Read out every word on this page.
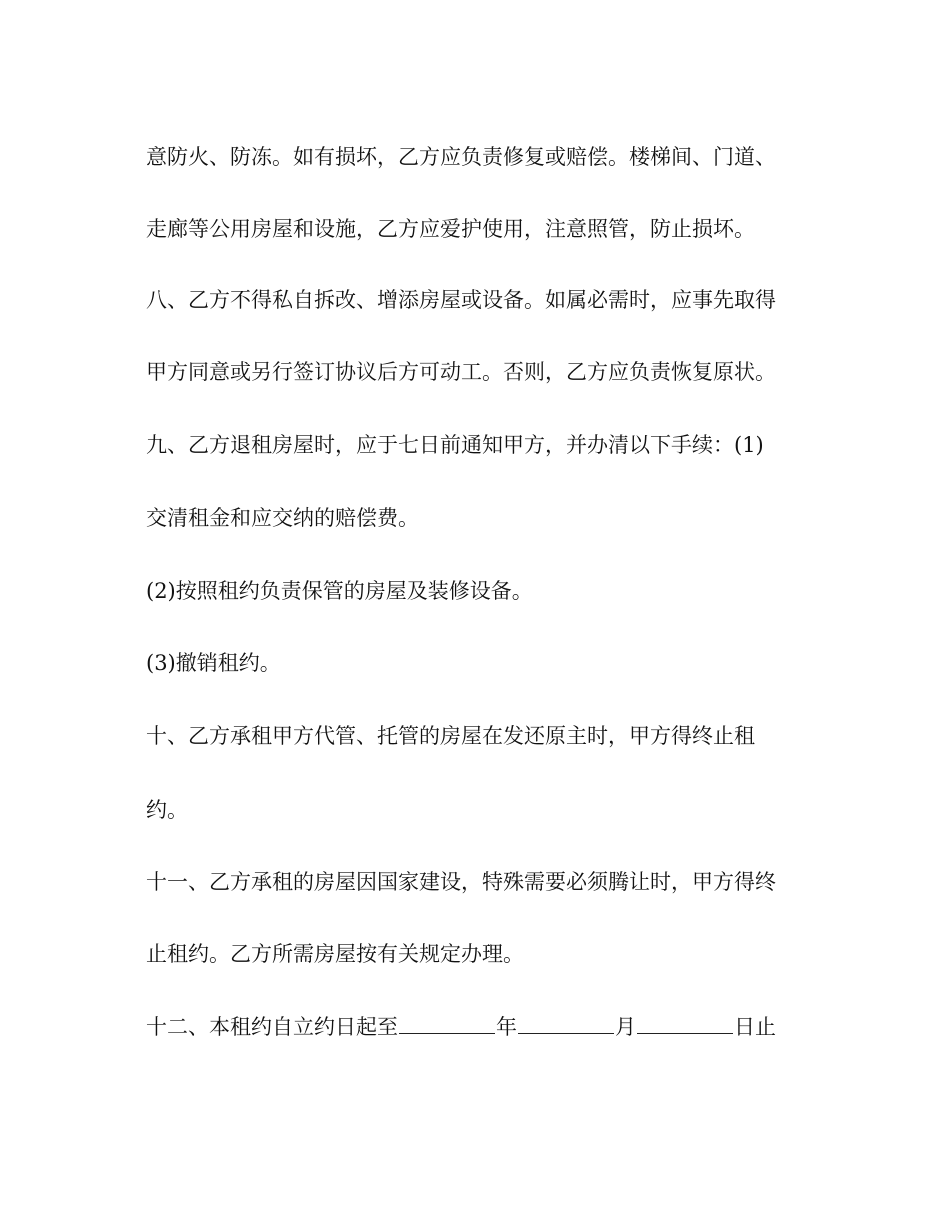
意防火、防冻。如有损坏，乙方应负责修复或赔偿。楼梯间、门道、
走廊等公用房屋和设施，乙方应爱护使用，注意照管，防止损坏。
八、乙方不得私自拆改、增添房屋或设备。如属必需时，应事先取得
甲方同意或另行签订协议后方可动工。否则，乙方应负责恢复原状。
九、乙方退租房屋时，应于七日前通知甲方，并办清以下手续：(1)
交清租金和应交纳的赔偿费。
(2)按照租约负责保管的房屋及装修设备。
(3)撤销租约。
十、乙方承租甲方代管、托管的房屋在发还原主时，甲方得终止租
约。
十一、乙方承租的房屋因国家建设，特殊需要必须腾让时，甲方得终
止租约。乙方所需房屋按有关规定办理。
十二、本租约自立约日起至	年	月	日止
